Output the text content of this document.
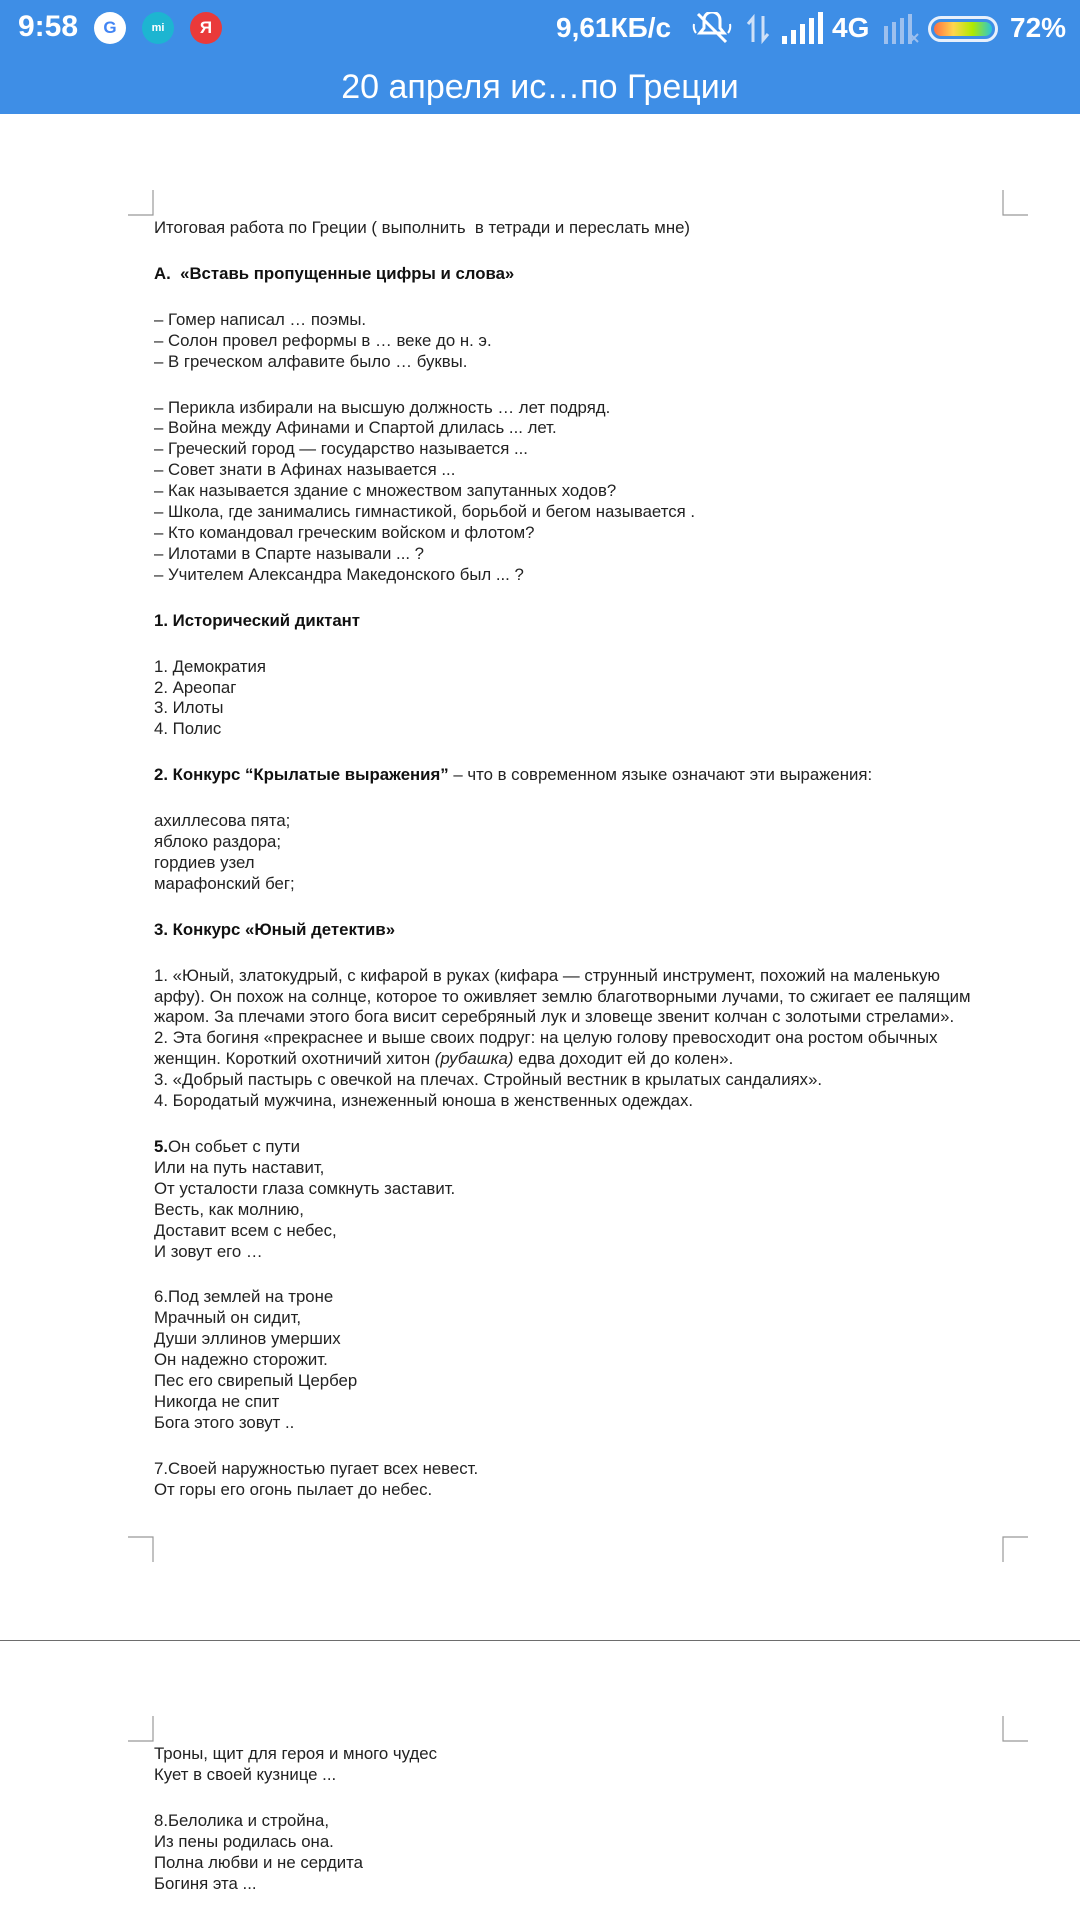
9:58	G	mi	Я	9,61КБ/с	4G	72%
20 апреля ис…по Греции

Итоговая работа по Греции ( выполнить  в тетради и переслать мне)

А.  «Вставь пропущенные цифры и слова»

– Гомер написал … поэмы.

– Солон провел реформы в … веке до н. э.

– В греческом алфавите было … буквы.

– Перикла избирали на высшую должность … лет подряд.

– Война между Афинами и Спартой длилась ... лет.

– Греческий город — государство называется ...

– Совет знати в Афинах называется ...

– Как называется здание с множеством запутанных ходов?

– Школа, где занимались гимнастикой, борьбой и бегом называется .

– Кто командовал греческим войском и флотом?

– Илотами в Спарте называли ... ?

– Учителем Александра Македонского был ... ?

1. Исторический диктант

1. Демократия

2. Ареопаг

3. Илоты

4. Полис

2. Конкурс “Крылатые выражения” – что в современном языке означают эти выражения:

ахиллесова пята;

яблоко раздора;

гордиев узел

марафонский бег;

3. Конкурс «Юный детектив»

1. «Юный, златокудрый, с кифарой в руках (кифара — струнный инструмент, похожий на маленькую арфу). Он похож на солнце, которое то оживляет землю благотворными лучами, то сжигает ее палящим жаром. За плечами этого бога висит серебряный лук и зловеще звенит колчан с золотыми стрелами».

2. Эта богиня «прекраснее и выше своих подруг: на целую голову превосходит она ростом обычных женщин. Короткий охотничий хитон (рубашка) едва доходит ей до колен».

3. «Добрый пастырь с овечкой на плечах. Стройный вестник в крылатых сандалиях».

4. Бородатый мужчина, изнеженный юноша в женственных одеждах.

5.Он собьет с пути

Или на путь наставит,

От усталости глаза сомкнуть заставит.

Весть, как молнию,

Доставит всем с небес,

И зовут его …

6.Под землей на троне

Мрачный он сидит,

Души эллинов умерших

Он надежно сторожит.

Пес его свирепый Цербер

Никогда не спит

Бога этого зовут ..

7.Своей наружностью пугает всех невест.

От горы его огонь пылает до небес.

Троны, щит для героя и много чудес

Кует в своей кузнице ...

8.Белолика и стройна,

Из пены родилась она.

Полна любви и не сердита

Богиня эта ...
